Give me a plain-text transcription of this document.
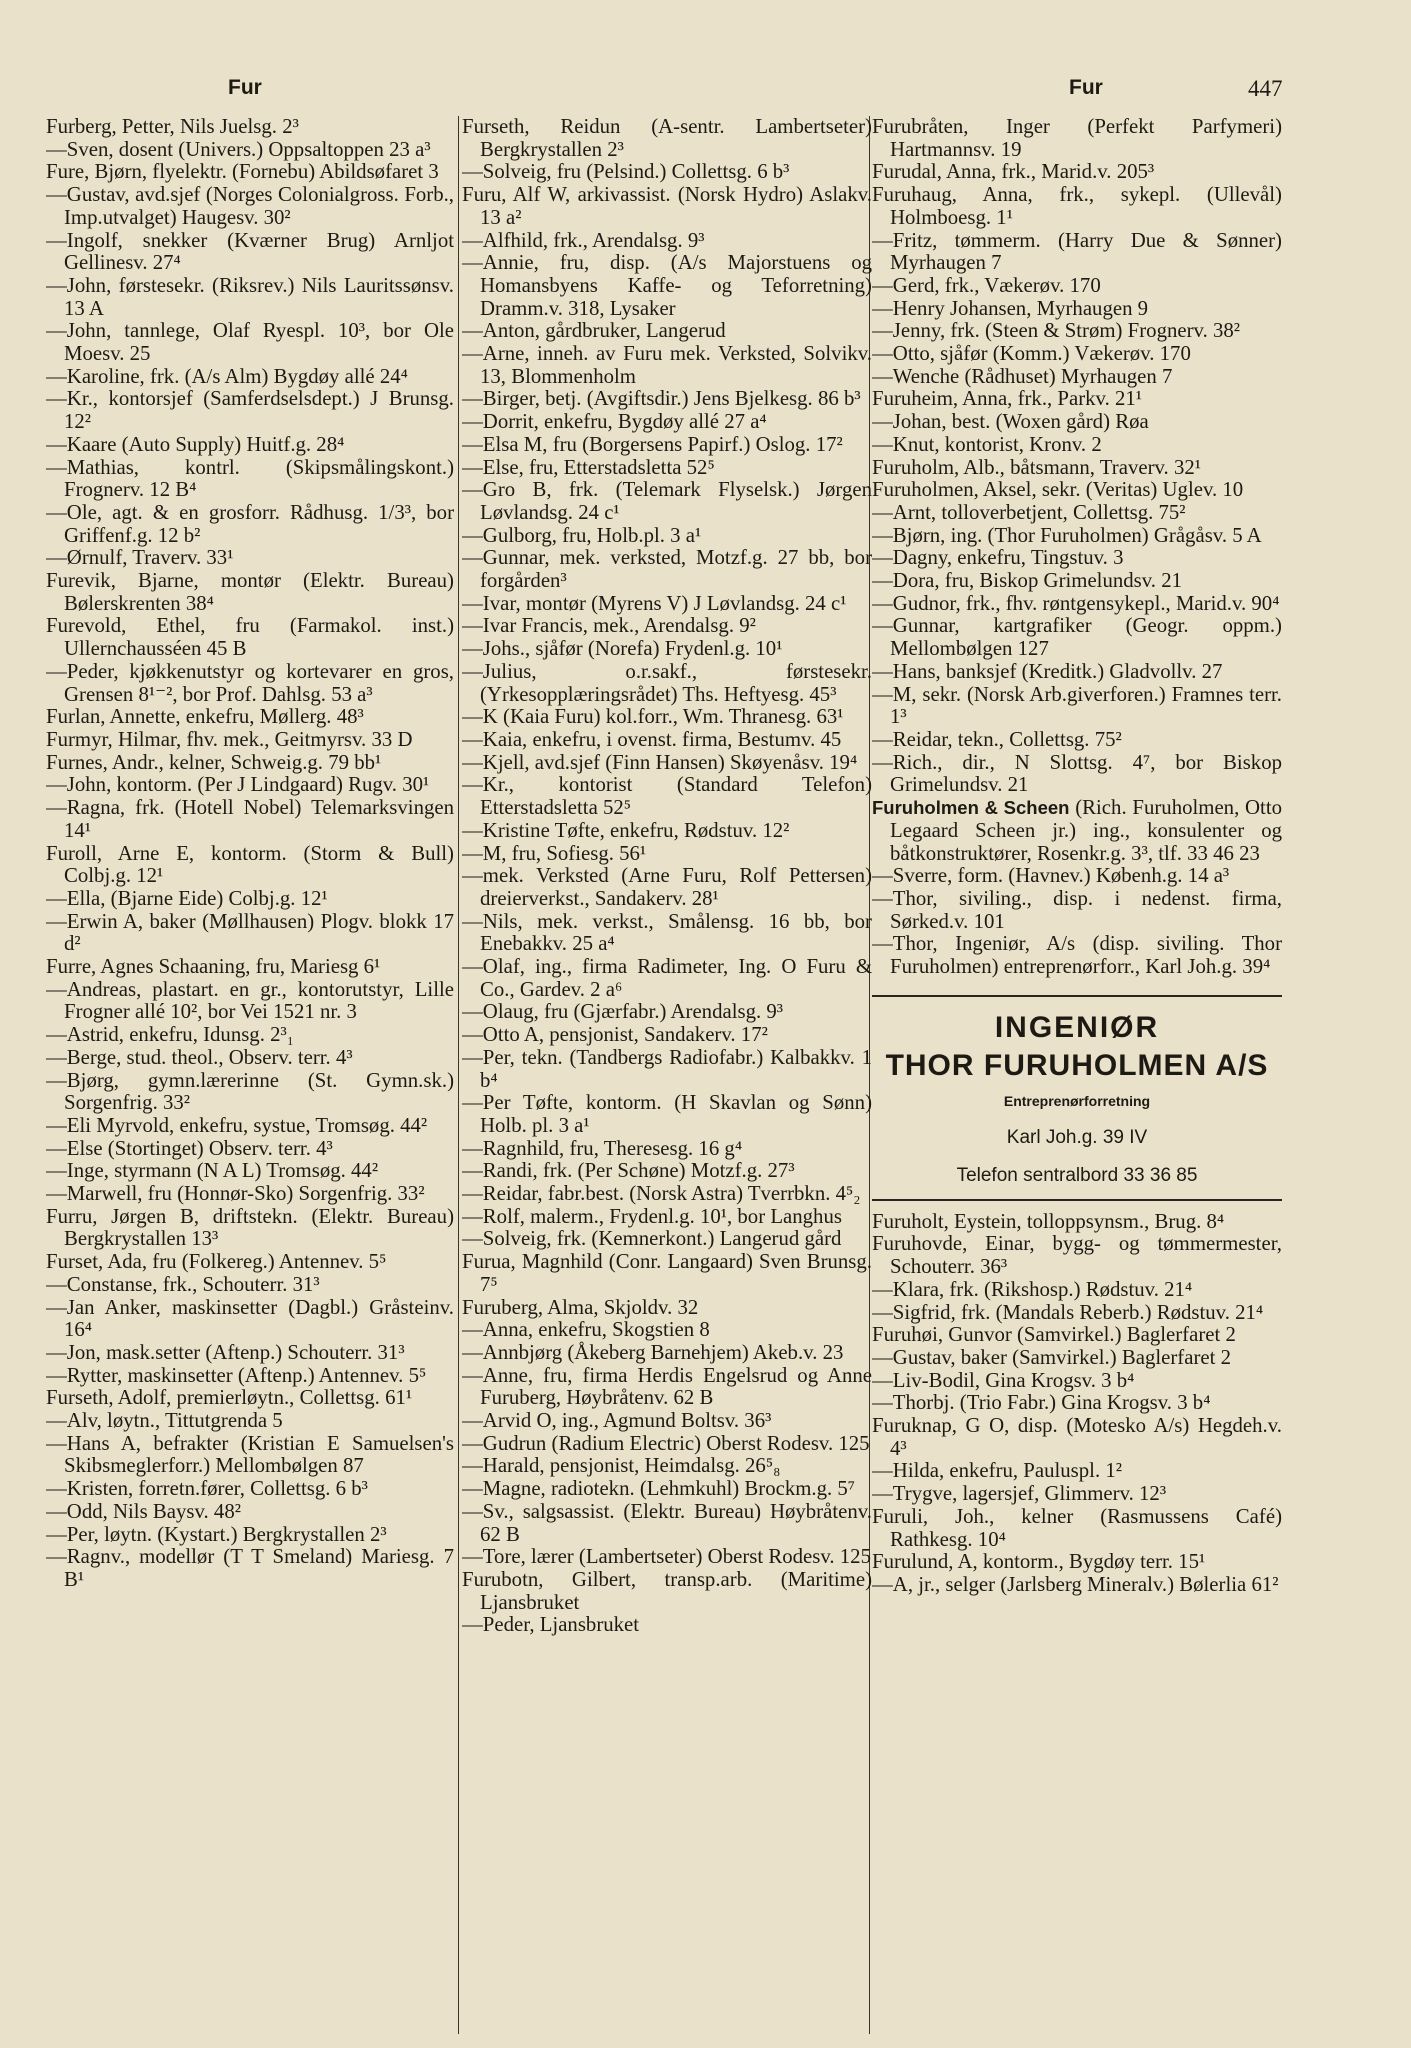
Fur	Fur	447
Furberg, Petter, Nils Juelsg. 2³
—Sven, dosent (Univers.) Oppsaltoppen 23 a³
Fure, Bjørn, flyelektr. (Fornebu) Abildsøfaret 3
—Gustav, avd.sjef (Norges Colonialgross. Forb., Imp.utvalget) Haugesv. 30²
—Ingolf, snekker (Kværner Brug) Arnljot Gellinesv. 27⁴
—John, førstesekr. (Riksrev.) Nils Lauritssønsv. 13 A
—John, tannlege, Olaf Ryespl. 10³, bor Ole Moesv. 25
—Karoline, frk. (A/s Alm) Bygdøy allé 24⁴
—Kr., kontorsjef (Samferdselsdept.) J Brunsg. 12²
—Kaare (Auto Supply) Huitf.g. 28⁴
—Mathias, kontrl. (Skipsmålingskont.) Frognerv. 12 B⁴
—Ole, agt. & en grosforr. Rådhusg. 1/3³, bor Griffenf.g. 12 b²
—Ørnulf, Traverv. 33¹
Furevik, Bjarne, montør (Elektr. Bureau) Bølerskrenten 38⁴
Furevold, Ethel, fru (Farmakol. inst.) Ullernchausséen 45 B
—Peder, kjøkkenutstyr og kortevarer en gros, Grensen 8¹⁻², bor Prof. Dahlsg. 53 a³
Furlan, Annette, enkefru, Møllerg. 48³
Furmyr, Hilmar, fhv. mek., Geitmyrsv. 33 D
Furnes, Andr., kelner, Schweig.g. 79 bb¹
—John, kontorm. (Per J Lindgaard) Rugv. 30¹
—Ragna, frk. (Hotell Nobel) Telemarksvingen 14¹
Furoll, Arne E, kontorm. (Storm & Bull) Colbj.g. 12¹
—Ella, (Bjarne Eide) Colbj.g. 12¹
—Erwin A, baker (Møllhausen) Plogv. blokk 17 d²
Furre, Agnes Schaaning, fru, Mariesg 6¹
—Andreas, plastart. en gr., kontorutstyr, Lille Frogner allé 10², bor Vei 1521 nr. 3
—Astrid, enkefru, Idunsg. 2³₁
—Berge, stud. theol., Observ. terr. 4³
—Bjørg, gymn.lærerinne (St. Gymn.sk.) Sorgenfrig. 33²
—Eli Myrvold, enkefru, systue, Tromsøg. 44²
—Else (Stortinget) Observ. terr. 4³
—Inge, styrmann (N A L) Tromsøg. 44²
—Marwell, fru (Honnør-Sko) Sorgenfrig. 33²
Furru, Jørgen B, driftstekn. (Elektr. Bureau) Bergkrystallen 13³
Furset, Ada, fru (Folkereg.) Antennev. 5⁵
—Constanse, frk., Schouterr. 31³
—Jan Anker, maskinsetter (Dagbl.) Gråsteinv. 16⁴
—Jon, mask.setter (Aftenp.) Schouterr. 31³
—Rytter, maskinsetter (Aftenp.) Antennev. 5⁵
Furseth, Adolf, premierløytn., Collettsg. 61¹
—Alv, løytn., Tittutgrenda 5
—Hans A, befrakter (Kristian E Samuelsen's Skibsmeglerforr.) Mellombølgen 87
—Kristen, forretn.fører, Collettsg. 6 b³
—Odd, Nils Baysv. 48²
—Per, løytn. (Kystart.) Bergkrystallen 2³
—Ragnv., modellør (T T Smeland) Mariesg. 7 B¹
Furseth, Reidun (A-sentr. Lambertseter) Bergkrystallen 2³
—Solveig, fru (Pelsind.) Collettsg. 6 b³
Furu, Alf W, arkivassist. (Norsk Hydro) Aslakv. 13 a²
—Alfhild, frk., Arendalsg. 9³
—Annie, fru, disp. (A/s Majorstuens og Homansbyens Kaffe- og Teforretning) Dramm.v. 318, Lysaker
—Anton, gårdbruker, Langerud
—Arne, inneh. av Furu mek. Verksted, Solvikv. 13, Blommenholm
—Birger, betj. (Avgiftsdir.) Jens Bjelkesg. 86 b³
—Dorrit, enkefru, Bygdøy allé 27 a⁴
—Elsa M, fru (Borgersens Papirf.) Oslog. 17²
—Else, fru, Etterstadsletta 52⁵
—Gro B, frk. (Telemark Flyselsk.) Jørgen Løvlandsg. 24 c¹
—Gulborg, fru, Holb.pl. 3 a¹
—Gunnar, mek. verksted, Motzf.g. 27 bb, bor forgården³
—Ivar, montør (Myrens V) J Løvlandsg. 24 c¹
—Ivar Francis, mek., Arendalsg. 9²
—Johs., sjåfør (Norefa) Frydenl.g. 10¹
—Julius, o.r.sakf., førstesekr. (Yrkesopplæringsrådet) Ths. Heftyesg. 45³
—K (Kaia Furu) kol.forr., Wm. Thranesg. 63¹
—Kaia, enkefru, i ovenst. firma, Bestumv. 45
—Kjell, avd.sjef (Finn Hansen) Skøyenåsv. 19⁴
—Kr., kontorist (Standard Telefon) Etterstadsletta 52⁵
—Kristine Tøfte, enkefru, Rødstuv. 12²
—M, fru, Sofiesg. 56¹
—mek. Verksted (Arne Furu, Rolf Pettersen) dreierverkst., Sandakerv. 28¹
—Nils, mek. verkst., Smålensg. 16 bb, bor Enebakkv. 25 a⁴
—Olaf, ing., firma Radimeter, Ing. O Furu & Co., Gardev. 2 a⁶
—Olaug, fru (Gjærfabr.) Arendalsg. 9³
—Otto A, pensjonist, Sandakerv. 17²
—Per, tekn. (Tandbergs Radiofabr.) Kalbakkv. 1 b⁴
—Per Tøfte, kontorm. (H Skavlan og Sønn) Holb. pl. 3 a¹
—Ragnhild, fru, Theresesg. 16 g⁴
—Randi, frk. (Per Schøne) Motzf.g. 27³
—Reidar, fabr.best. (Norsk Astra) Tverrbkn. 4⁵₂
—Rolf, malerm., Frydenl.g. 10¹, bor Langhus
—Solveig, frk. (Kemnerkont.) Langerud gård
Furua, Magnhild (Conr. Langaard) Sven Brunsg. 7⁵
Furuberg, Alma, Skjoldv. 32
—Anna, enkefru, Skogstien 8
—Annbjørg (Åkeberg Barnehjem) Akeb.v. 23
—Anne, fru, firma Herdis Engelsrud og Anne Furuberg, Høybråtenv. 62 B
—Arvid O, ing., Agmund Boltsv. 36³
—Gudrun (Radium Electric) Oberst Rodesv. 125
—Harald, pensjonist, Heimdalsg. 26⁵₈
—Magne, radiotekn. (Lehmkuhl) Brockm.g. 5⁷
—Sv., salgsassist. (Elektr. Bureau) Høybråtenv. 62 B
—Tore, lærer (Lambertseter) Oberst Rodesv. 125
Furubotn, Gilbert, transp.arb. (Maritime) Ljansbruket
—Peder, Ljansbruket
Furubråten, Inger (Perfekt Parfymeri) Hartmannsv. 19
Furudal, Anna, frk., Marid.v. 205³
Furuhaug, Anna, frk., sykepl. (Ullevål) Holmboesg. 1¹
—Fritz, tømmerm. (Harry Due & Sønner) Myrhaugen 7
—Gerd, frk., Vækerøv. 170
—Henry Johansen, Myrhaugen 9
—Jenny, frk. (Steen & Strøm) Frognerv. 38²
—Otto, sjåfør (Komm.) Vækerøv. 170
—Wenche (Rådhuset) Myrhaugen 7
Furuheim, Anna, frk., Parkv. 21¹
—Johan, best. (Woxen gård) Røa
—Knut, kontorist, Kronv. 2
Furuholm, Alb., båtsmann, Traverv. 32¹
Furuholmen, Aksel, sekr. (Veritas) Uglev. 10
—Arnt, tolloverbetjent, Collettsg. 75²
—Bjørn, ing. (Thor Furuholmen) Grågåsv. 5 A
—Dagny, enkefru, Tingstuv. 3
—Dora, fru, Biskop Grimelundsv. 21
—Gudnor, frk., fhv. røntgensykepl., Marid.v. 90⁴
—Gunnar, kartgrafiker (Geogr. oppm.) Mellombølgen 127
—Hans, banksjef (Kreditk.) Gladvollv. 27
—M, sekr. (Norsk Arb.giverforen.) Framnes terr. 1³
—Reidar, tekn., Collettsg. 75²
—Rich., dir., N Slottsg. 4⁷, bor Biskop Grimelundsv. 21
Furuholmen & Scheen (Rich. Furuholmen, Otto Legaard Scheen jr.) ing., konsulenter og båtkonstruktører, Rosenkr.g. 3³, tlf. 33 46 23
—Sverre, form. (Havnev.) Københ.g. 14 a³
—Thor, siviling., disp. i nedenst. firma, Sørked.v. 101
—Thor, Ingeniør, A/s (disp. siviling. Thor Furuholmen) entreprenørforr., Karl Joh.g. 39⁴
INGENIØR
THOR FURUHOLMEN A/S
Entreprenørforretning
Karl Joh.g. 39 IV
Telefon sentralbord 33 36 85
Furuholt, Eystein, tolloppsynsm., Brug. 8⁴
Furuhovde, Einar, bygg- og tømmermester, Schouterr. 36³
—Klara, frk. (Rikshosp.) Rødstuv. 21⁴
—Sigfrid, frk. (Mandals Reberb.) Rødstuv. 21⁴
Furuhøi, Gunvor (Samvirkel.) Baglerfaret 2
—Gustav, baker (Samvirkel.) Baglerfaret 2
—Liv-Bodil, Gina Krogsv. 3 b⁴
—Thorbj. (Trio Fabr.) Gina Krogsv. 3 b⁴
Furuknap, G O, disp. (Motesko A/s) Hegdeh.v. 4³
—Hilda, enkefru, Pauluspl. 1²
—Trygve, lagersjef, Glimmerv. 12³
Furuli, Joh., kelner (Rasmussens Café) Rathkesg. 10⁴
Furulund, A, kontorm., Bygdøy terr. 15¹
—A, jr., selger (Jarlsberg Mineralv.) Bølerlia 61²
